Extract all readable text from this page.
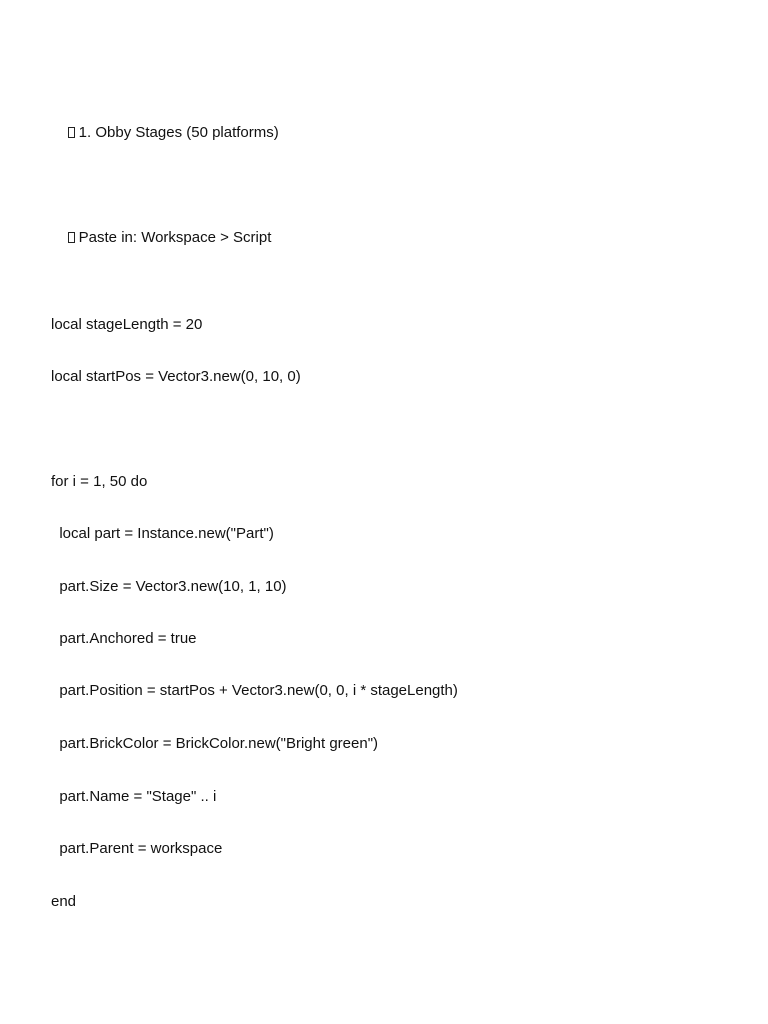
1. Obby Stages (50 platforms)

Paste in: Workspace > Script

local stageLength = 20
local startPos = Vector3.new(0, 10, 0)
for i = 1, 50 do
local part = Instance.new("Part")
part.Size = Vector3.new(10, 1, 10)
part.Anchored = true
part.Position = startPos + Vector3.new(0, 0, i * stageLength)
part.BrickColor = BrickColor.new("Bright green")
part.Name = "Stage" .. i
part.Parent = workspace
end
